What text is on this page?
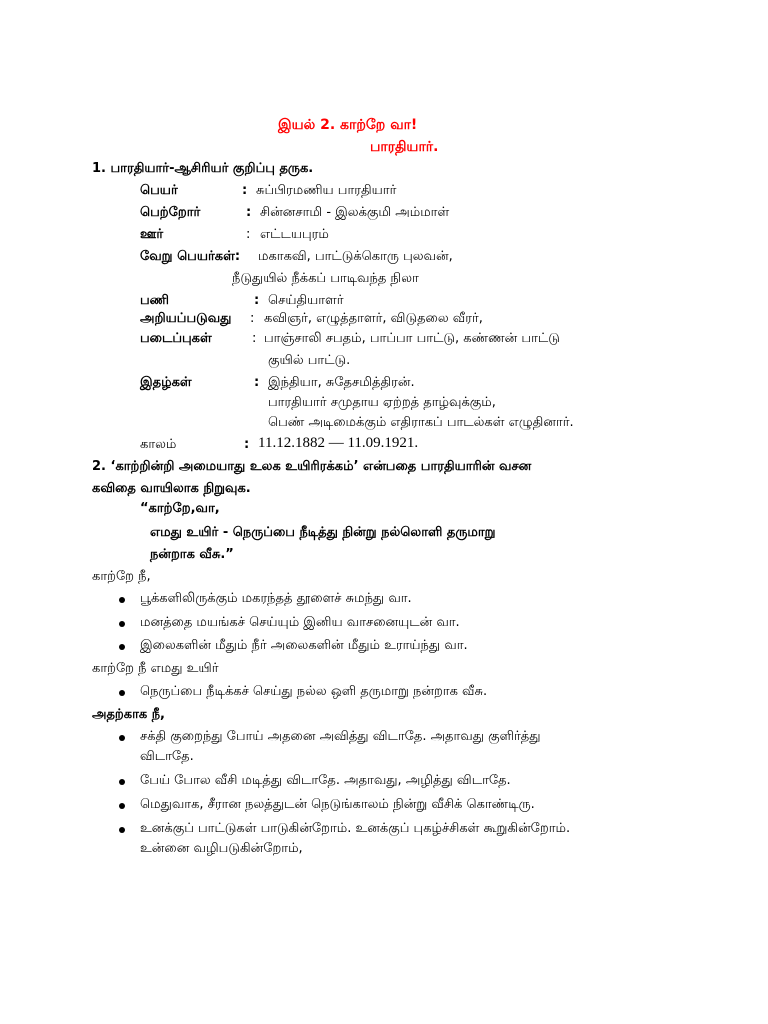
இயல் 2. காற்றே வா!
பாரதியார்.
1. பாரதியார்-ஆசிரியர் குறிப்பு தருக.
பெயர்	: சுப்பிரமணிய பாரதியார்
பெற்றோர்	: சின்னசாமி - இலக்குமி அம்மாள்
ஊர்	: எட்டயபுரம்
வேறு பெயர்கள்: மகாகவி, பாட்டுக்கொரு புலவன்,
நீடுதுயில் நீக்கப் பாடிவந்த நிலா
பணி	: செய்தியாளர்
அறியப்படுவது : கவிஞர், எழுத்தாளர், விடுதலை வீரர்,
படைப்புகள்	: பாஞ்சாலி சபதம், பாப்பா பாட்டு, கண்ணன் பாட்டு
குயில் பாட்டு.
இதழ்கள்	: இந்தியா, சுதேசமித்திரன்.
பாரதியார் சமுதாய ஏற்றத் தாழ்வுக்கும்,
பெண் அடிமைக்கும் எதிராகப் பாடல்கள் எழுதினார்.
காலம்	: 11.12.1882 — 11.09.1921.
2. ‘காற்றின்றி அமையாது உலக உயிரிரக்கம்’ என்பதை பாரதியாரின் வசன
கவிதை வாயிலாக நிறுவுக.
“காற்றே,வா,
எமது உயிர் - நெருப்பை நீடித்து நின்று நல்லொளி தருமாறு
நன்றாக வீசு.”
காற்றே நீ,
பூக்களிலிருக்கும் மகரந்தத் தூளைச் சுமந்து வா.
மனத்தை மயங்கச் செய்யும் இனிய வாசனையுடன் வா.
இலைகளின் மீதும் நீர் அலைகளின் மீதும் உராய்ந்து வா.
காற்றே நீ எமது உயிர்
நெருப்பை நீடிக்கச் செய்து நல்ல ஒளி தருமாறு நன்றாக வீசு.
அதற்காக நீ,
சக்தி குறைந்து போய் அதனை அவித்து விடாதே. அதாவது குளிர்த்து
விடாதே.
பேய் போல வீசி மடித்து விடாதே. அதாவது, அழித்து விடாதே.
மெதுவாக, சீரான நலத்துடன் நெடுங்காலம் நின்று வீசிக் கொண்டிரு.
உனக்குப் பாட்டுகள் பாடுகின்றோம். உனக்குப் புகழ்ச்சிகள் கூறுகின்றோம்.
உன்னை வழிபடுகின்றோம்,
